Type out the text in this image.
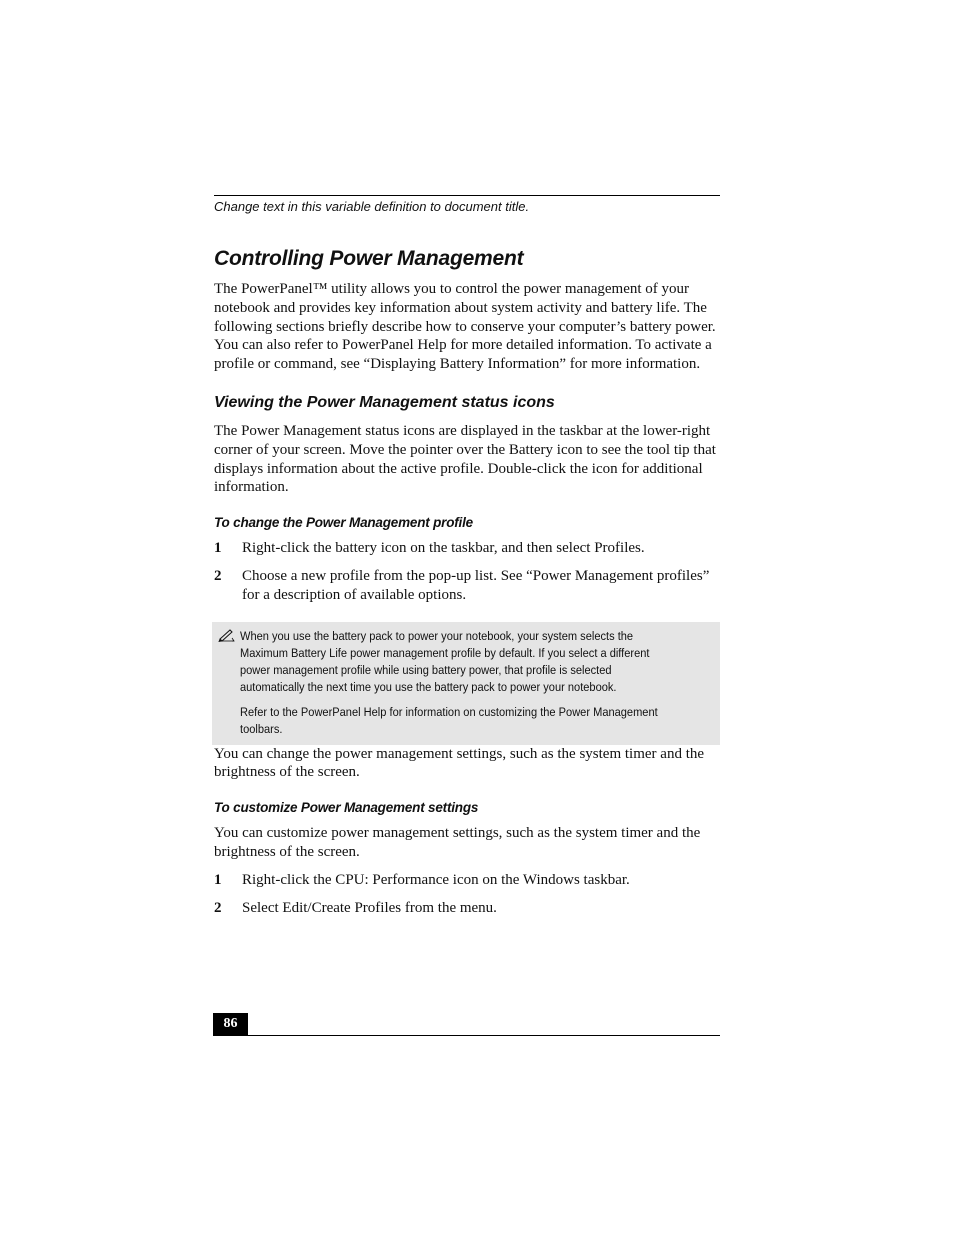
Change text in this variable definition to document title.
Controlling Power Management

The PowerPanel™ utility allows you to control the power management of your notebook and provides key information about system activity and battery life. The following sections briefly describe how to conserve your computer’s battery power. You can also refer to PowerPanel Help for more detailed information. To activate a profile or command, see “Displaying Battery Information” for more information.

Viewing the Power Management status icons

The Power Management status icons are displayed in the taskbar at the lower-right corner of your screen. Move the pointer over the Battery icon to see the tool tip that displays information about the active profile. Double-click the icon for additional information.

To change the Power Management profile
1	Right-click the battery icon on the taskbar, and then select Profiles.
2	Choose a new profile from the pop-up list. See “Power Management profiles” for a description of available options.

When you use the battery pack to power your notebook, your system selects the Maximum Battery Life power management profile by default. If you select a different power management profile while using battery power, that profile is selected automatically the next time you use the battery pack to power your notebook.

Refer to the PowerPanel Help for information on customizing the Power Management toolbars.

You can change the power management settings, such as the system timer and the brightness of the screen.

To customize Power Management settings

You can customize power management settings, such as the system timer and the brightness of the screen.

1	Right-click the CPU: Performance icon on the Windows taskbar.
2	Select Edit/Create Profiles from the menu.
86
